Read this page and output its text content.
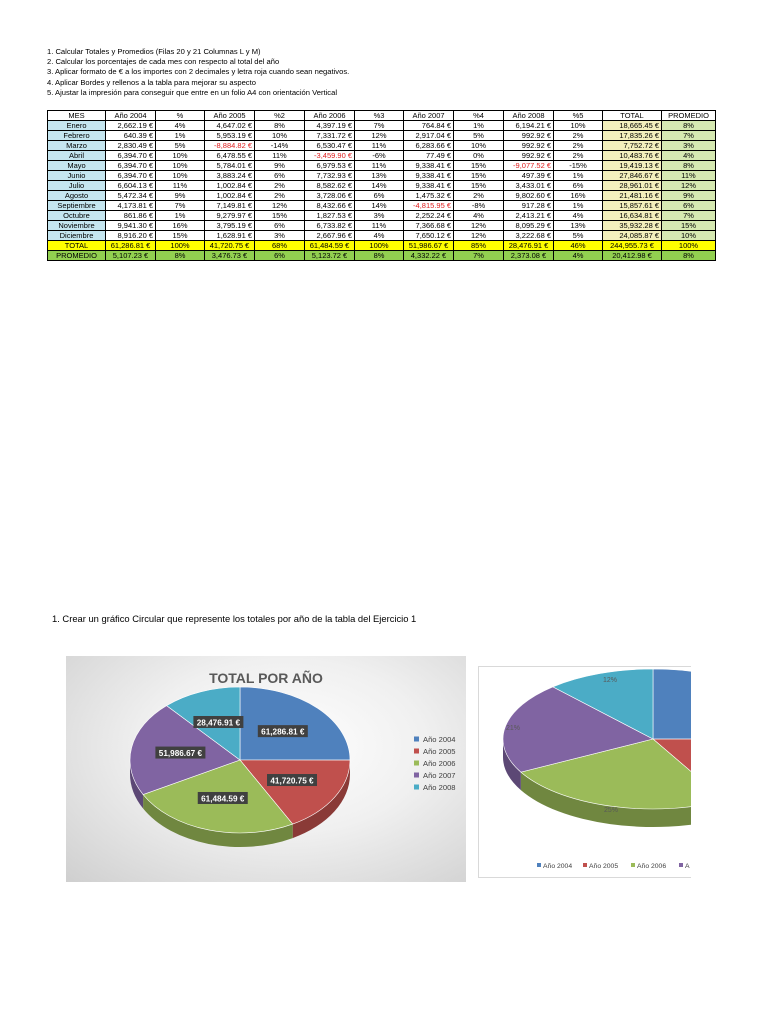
1. Calcular Totales y Promedios (Filas 20 y 21 Columnas L y M)
2. Calcular los porcentajes de cada mes con respecto al total del año
3. Aplicar formato de € a los importes con 2 decimales y letra roja cuando sean negativos.
4. Aplicar Bordes y rellenos a la tabla para mejorar su aspecto
5. Ajustar la impresión para conseguir que entre en un folio A4 con orientación Vertical
MES	Año 2004	%	Año 2005	%2	Año 2006	%3	Año 2007	%4	Año 2008	%5	TOTAL	PROMEDIO
Enero	2,662.19 €	4%	4,647.02 €	8%	4,397.19 €	7%	764.84 €	1%	6,194.21 €	10%	18,665.45 €	8%
Febrero	640.39 €	1%	5,953.19 €	10%	7,331.72 €	12%	2,917.04 €	5%	992.92 €	2%	17,835.26 €	7%
Marzo	2,830.49 €	5%	-8,884.82 €	-14%	6,530.47 €	11%	6,283.66 €	10%	992.92 €	2%	7,752.72 €	3%
Abril	6,394.70 €	10%	6,478.55 €	11%	-3,459.90 €	-6%	77.49 €	0%	992.92 €	2%	10,483.76 €	4%
Mayo	6,394.70 €	10%	5,784.01 €	9%	6,979.53 €	11%	9,338.41 €	15%	-9,077.52 €	-15%	19,419.13 €	8%
Junio	6,394.70 €	10%	3,883.24 €	6%	7,732.93 €	13%	9,338.41 €	15%	497.39 €	1%	27,846.67 €	11%
Julio	6,604.13 €	11%	1,002.84 €	2%	8,582.62 €	14%	9,338.41 €	15%	3,433.01 €	6%	28,961.01 €	12%
Agosto	5,472.34 €	9%	1,002.84 €	2%	3,728.06 €	6%	1,475.32 €	2%	9,802.60 €	16%	21,481.16 €	9%
Septiembre	4,173.81 €	7%	7,149.81 €	12%	8,432.66 €	14%	-4,815.95 €	-8%	917.28 €	1%	15,857.61 €	6%
Octubre	861.86 €	1%	9,279.97 €	15%	1,827.53 €	3%	2,252.24 €	4%	2,413.21 €	4%	16,634.81 €	7%
Noviembre	9,941.30 €	16%	3,795.19 €	6%	6,733.82 €	11%	7,366.68 €	12%	8,095.29 €	13%	35,932.28 €	15%
Diciembre	8,916.20 €	15%	1,628.91 €	3%	2,667.96 €	4%	7,650.12 €	12%	3,222.68 €	5%	24,085.87 €	10%
TOTAL	61,286.81 €	100%	41,720.75 €	68%	61,484.59 €	100%	51,986.67 €	85%	28,476.91 €	46%	244,955.73 €	100%
PROMEDIO	5,107.23 €	8%	3,476.73 €	6%	5,123.72 €	8%	4,332.22 €	7%	2,373.08 €	4%	20,412.98 €	8%
1. Crear un gráfico Circular que represente los totales por año de la tabla del Ejercicio 1
TOTAL POR AÑO
61,286.81 €
41,720.75 €
61,484.59 €
51,986.67 €
28,476.91 €
Año 2004
Año 2005
Año 2006
Año 2007
Año 2008
12%
21%
25%
Año 2004 Año 2005	Año 2006	A
